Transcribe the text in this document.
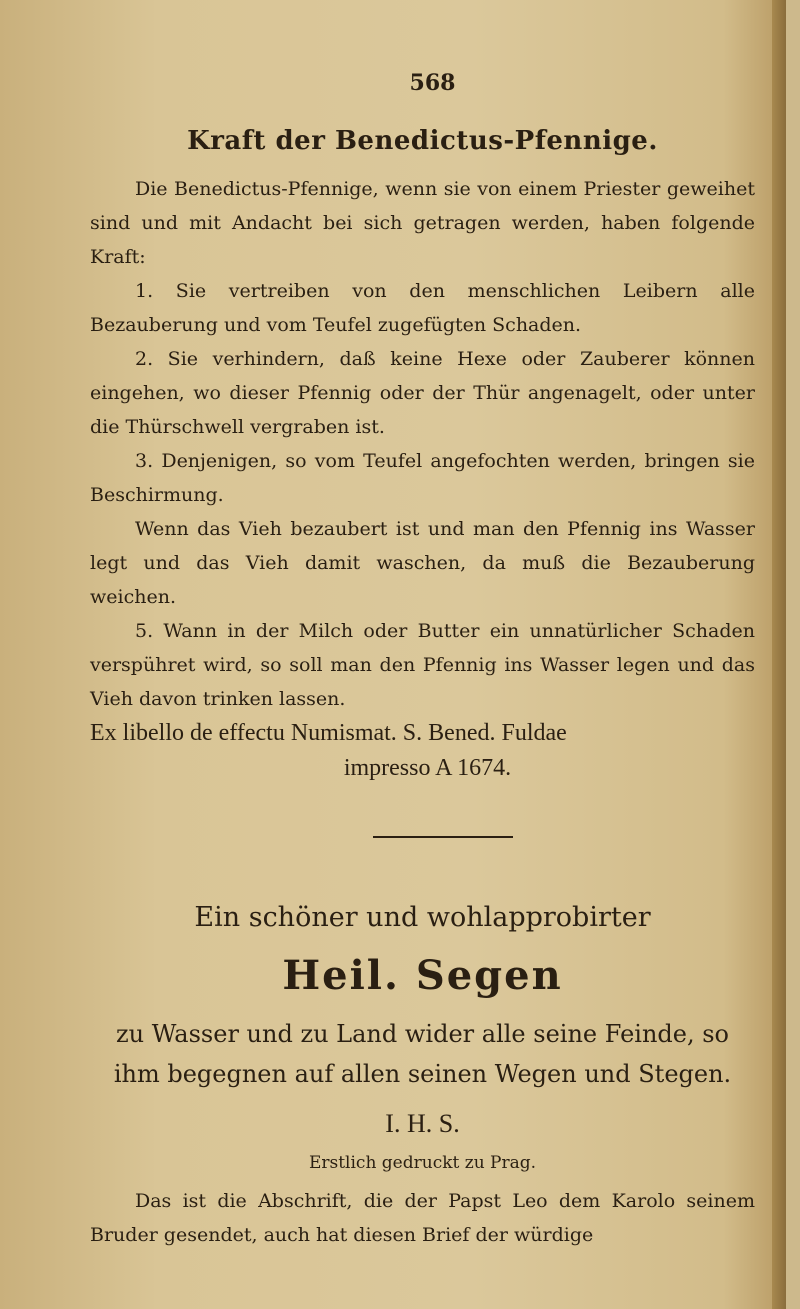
568
Kraft der Benedictus-Pfennige.

Die Benedictus-Pfennige, wenn sie von einem Priester geweihet sind und mit Andacht bei sich getragen werden, haben folgende Kraft:

1. Sie vertreiben von den menschlichen Leibern alle Bezauberung und vom Teufel zugefügten Schaden.

2. Sie verhindern, daß keine Hexe oder Zauberer können eingehen, wo dieser Pfennig oder der Thür angenagelt, oder unter die Thürschwell vergraben ist.

3. Denjenigen, so vom Teufel angefochten werden, bringen sie Beschirmung.

Wenn das Vieh bezaubert ist und man den Pfennig ins Wasser legt und das Vieh damit waschen, da muß die Bezauberung weichen.

5. Wann in der Milch oder Butter ein unnatürlicher Schaden verspühret wird, so soll man den Pfennig ins Wasser legen und das Vieh davon trinken lassen.

Ex libello de effectu Numismat. S. Bened. Fuldae
impresso A 1674.
Ein schöner und wohlapprobirter
Heil. Segen
zu Wasser und zu Land wider alle seine Feinde, so ihm begegnen auf allen seinen Wegen und Stegen.
I. H. S.
Erstlich gedruckt zu Prag.

Das ist die Abschrift, die der Papst Leo dem Karolo seinem Bruder gesendet, auch hat diesen Brief der würdige
